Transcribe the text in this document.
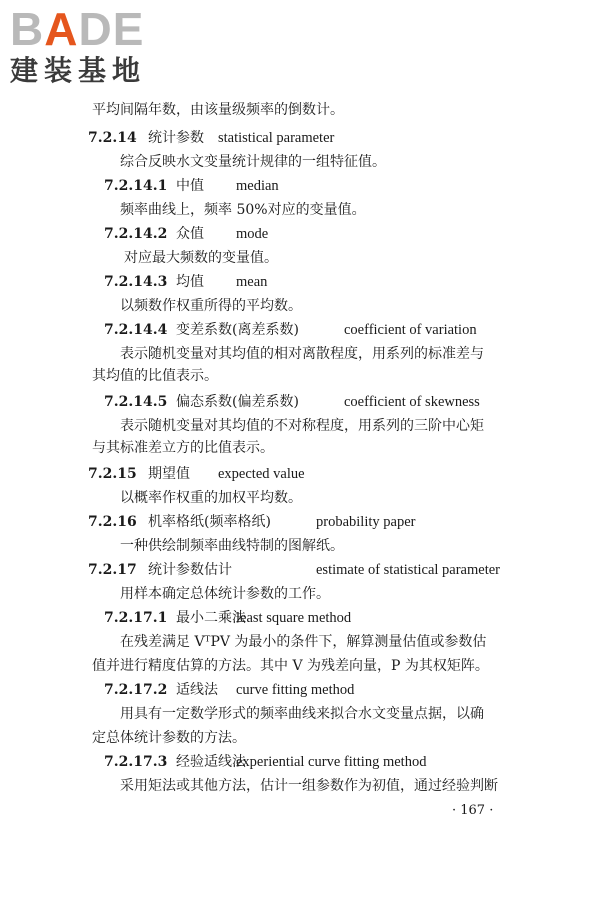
BADE
建装基地
平均间隔年数，由该量级频率的倒数计。
7.2.14 统计参数 statistical parameter
综合反映水文变量统计规律的一组特征值。
7.2.14.1 中值 median
频率曲线上，频率 50%对应的变量值。
7.2.14.2 众值 mode
对应最大频数的变量值。
7.2.14.3 均值 mean
以频数作权重所得的平均数。
7.2.14.4 变差系数(离差系数)	coefficient of variation
表示随机变量对其均值的相对离散程度，用系列的标准差与
其均值的比值表示。
7.2.14.5 偏态系数(偏差系数)	coefficient of skewness
表示随机变量对其均值的不对称程度，用系列的三阶中心矩
与其标准差立方的比值表示。
7.2.15 期望值 expected value
以概率作权重的加权平均数。
7.2.16 机率格纸(频率格纸)	probability paper
一种供绘制频率曲线特制的图解纸。
7.2.17 统计参数估计	estimate of statistical parameter
用样本确定总体统计参数的工作。
7.2.17.1 最小二乘法least square method
在残差满足 VᵀPV 为最小的条件下，解算测量估值或参数估
值并进行精度估算的方法。其中 V 为残差向量，P 为其权矩阵。
7.2.17.2 适线法 curve fitting method
用具有一定数学形式的频率曲线来拟合水文变量点据，以确
定总体统计参数的方法。
7.2.17.3 经验适线法experiential curve fitting method
采用矩法或其他方法，估计一组参数作为初值，通过经验判断
· 167 ·
